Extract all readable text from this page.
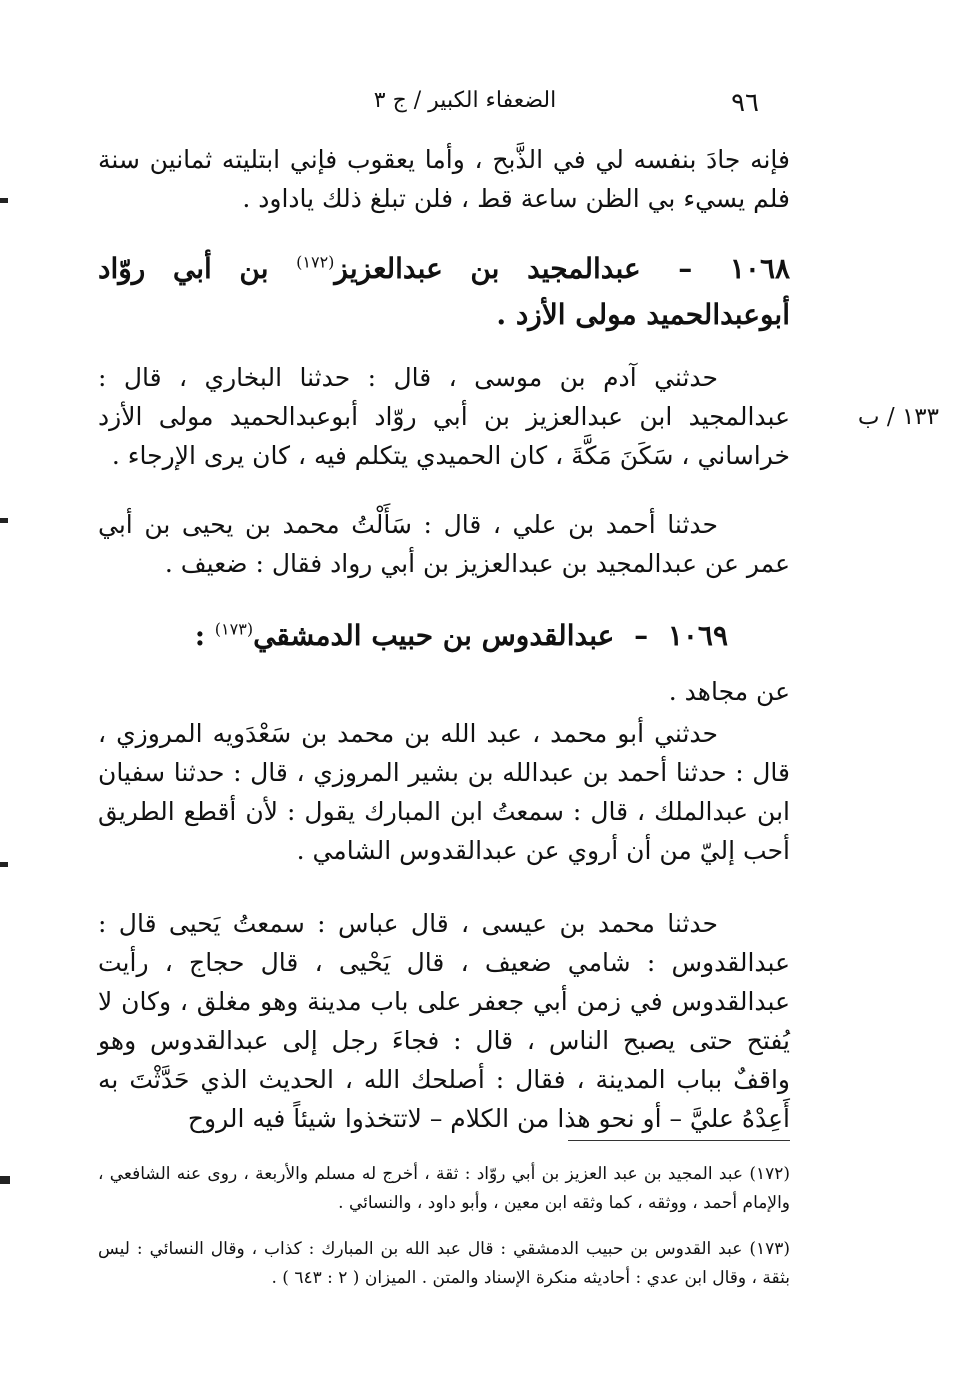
٩٦
الضعفاء الكبير / ج ٣

فإنه جادَ بنفسه لي في الذَّبح ، وأما يعقوب فإني ابتليته ثمانين سنة فلم يسيء بي الظن ساعة قط ، فلن تبلغ ذلك ياداود .

١٠٦٨ – عبدالمجيد بن عبدالعزيز$^{(١٧٢)}$ بن أبي روّاد أبوعبدالحميد مولى الأزد .

حدثني آدم بن موسى ، قال : حدثنا البخاري ، قال : عبدالمجيد ابن عبدالعزيز بن أبي روّاد أبوعبدالحميد مولى الأزد خراساني ، سَكَنَ مَكَّةَ ، كان الحميدي يتكلم فيه ، كان يرى الإرجاء .

حدثنا أحمد بن علي ، قال : سَأَلْتُ محمد بن يحيى بن أبي عمر عن عبدالمجيد بن عبدالعزيز بن أبي رواد فقال : ضعيف .

١٠٦٩ – عبدالقدوس بن حبيب الدمشقي$^{(١٧٣)}$ :

عن مجاهد .

حدثني أبو محمد ، عبد الله بن محمد بن سَعْدَويه المروزي ، قال : حدثنا أحمد بن عبدالله بن بشير المروزي ، قال : حدثنا سفيان ابن عبدالملك ، قال : سمعتُ ابن المبارك يقول : لأن أقطع الطريق أحب إليّ من أن أروي عن عبدالقدوس الشامي .

حدثنا محمد بن عيسى ، قال عباس : سمعتُ يَحيى قال : عبدالقدوس : شامي ضعيف ، قال يَحْيى ، قال حجاج ، رأيت عبدالقدوس في زمن أبي جعفر على باب مدينة وهو مغلق ، وكان لا يُفتح حتى يصبح الناس ، قال : فجاءَ رجل إلى عبدالقدوس وهو واقفٌ بباب المدينة ، فقال : أصلحك الله ، الحديث الذي حَدَّثْتَ به أَعِدْهُ عليَّ – أو نحو هذا من الكلام – لاتتخذوا شيئاً فيه الروح

١٣٣ / ب
(١٧٢) عبد المجيد بن عبد العزيز بن أبي روّاد : ثقة ، أخرج له مسلم والأربعة ، روى عنه الشافعي ، والإمام أحمد ، ووثقه ، كما وثقه ابن معين ، وأبو داود ، والنسائي .
(١٧٣) عبد القدوس بن حبيب الدمشقي : قال عبد الله بن المبارك : كذاب ، وقال النسائي : ليس بثقة ، وقال ابن عدي : أحاديثه منكرة الإسناد والمتن . الميزان ( ٢ : ٦٤٣ ) .
